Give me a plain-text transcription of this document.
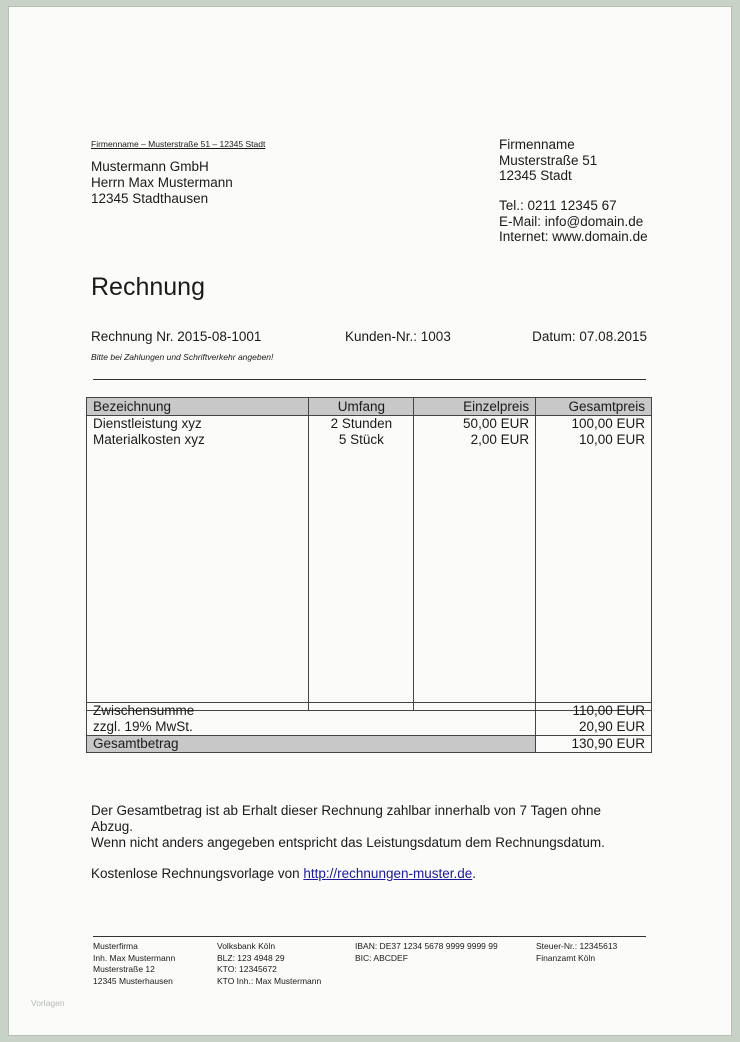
Firmenname – Musterstraße 51 – 12345 Stadt
Mustermann GmbH
Herrn Max Mustermann
12345 Stadthausen
Firmenname
Musterstraße 51
12345 Stadt
Tel.: 0211 12345 67
E-Mail: info@domain.de
Internet: www.domain.de
Rechnung
Rechnung Nr. 2015-08-1001	Kunden-Nr.: 1003	Datum: 07.08.2015
Bitte bei Zahlungen und Schriftverkehr angeben!
Bezeichnung	Umfang	Einzelpreis	Gesamtpreis
Dienstleistung xyz	2 Stunden	50,00 EUR	100,00 EUR
Materialkosten xyz	5 Stück	2,00 EUR	10,00 EUR

Zwischensumme	110,00 EUR
zzgl. 19% MwSt.	20,90 EUR
Gesamtbetrag	130,90 EUR
Der Gesamtbetrag ist ab Erhalt dieser Rechnung zahlbar innerhalb von 7 Tagen ohne
Abzug.
Wenn nicht anders angegeben entspricht das Leistungsdatum dem Rechnungsdatum.
Kostenlose Rechnungsvorlage von http://rechnungen-muster.de.
Musterfirma
Inh. Max Mustermann
Musterstraße 12
12345 Musterhausen
Volksbank Köln
BLZ: 123 4948 29
KTO: 12345672
KTO Inh.: Max Mustermann
IBAN: DE37 1234 5678 9999 9999 99
BIC: ABCDEF
Steuer-Nr.: 12345613
Finanzamt Köln
Vorlagen
